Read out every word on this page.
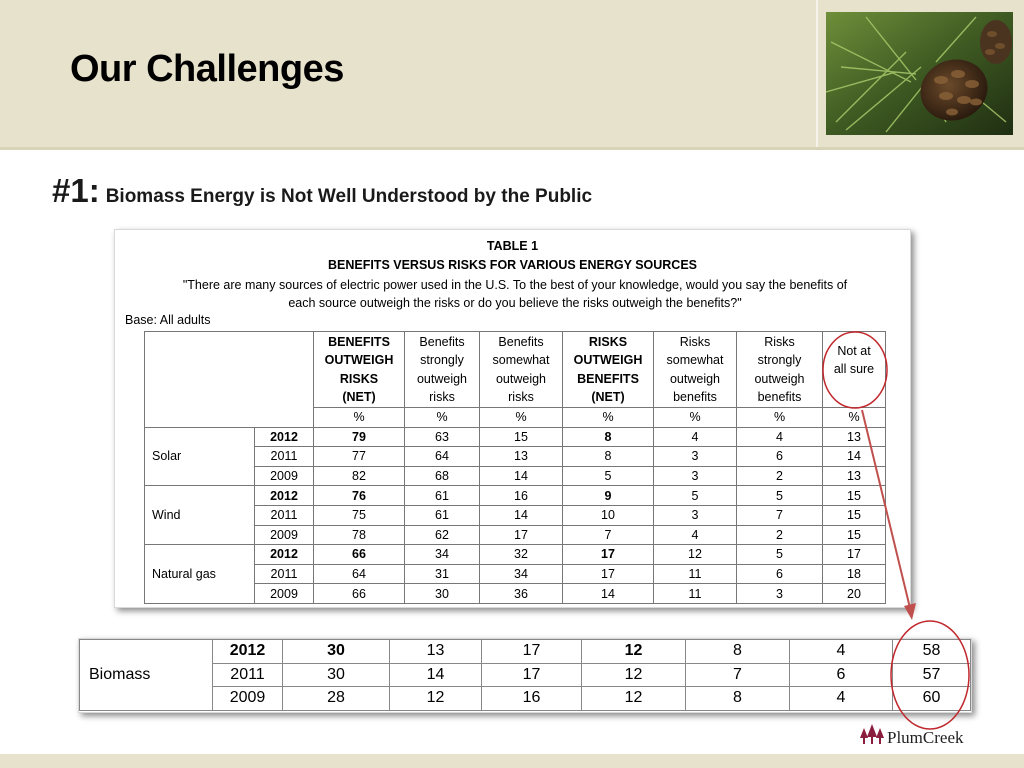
Our Challenges
#1: Biomass Energy is Not Well Understood by the Public
TABLE 1
BENEFITS VERSUS RISKS FOR VARIOUS ENERGY SOURCES
"There are many sources of electric power used in the U.S. To the best of your knowledge, would you say the benefits of
each source outweigh the risks or do you believe the risks outweigh the benefits?"
Base: All adults
		BENEFITS
OUTWEIGH
RISKS
(NET)	Benefits
strongly
outweigh
risks	Benefits
somewhat
outweigh
risks	RISKS
OUTWEIGH
BENEFITS
(NET)	Risks
somewhat
outweigh
benefits	Risks
strongly
outweigh
benefits	Not at
all sure

		%	%	%	%	%	%	%
Solar	2012	79	63	15	8	4	4	13
	2011	77	64	13	8	3	6	14
	2009	82	68	14	5	3	2	13
Wind	2012	76	61	16	9	5	5	15
	2011	75	61	14	10	3	7	15
	2009	78	62	17	7	4	2	15
Natural gas	2012	66	34	32	17	12	5	17
	2011	64	31	34	17	11	6	18
	2009	66	30	36	14	11	3	20
Biomass	2012	30	13	17	12	8	4	58
	2011	30	14	17	12	7	6	57
	2009	28	12	16	12	8	4	60
PlumCreek
